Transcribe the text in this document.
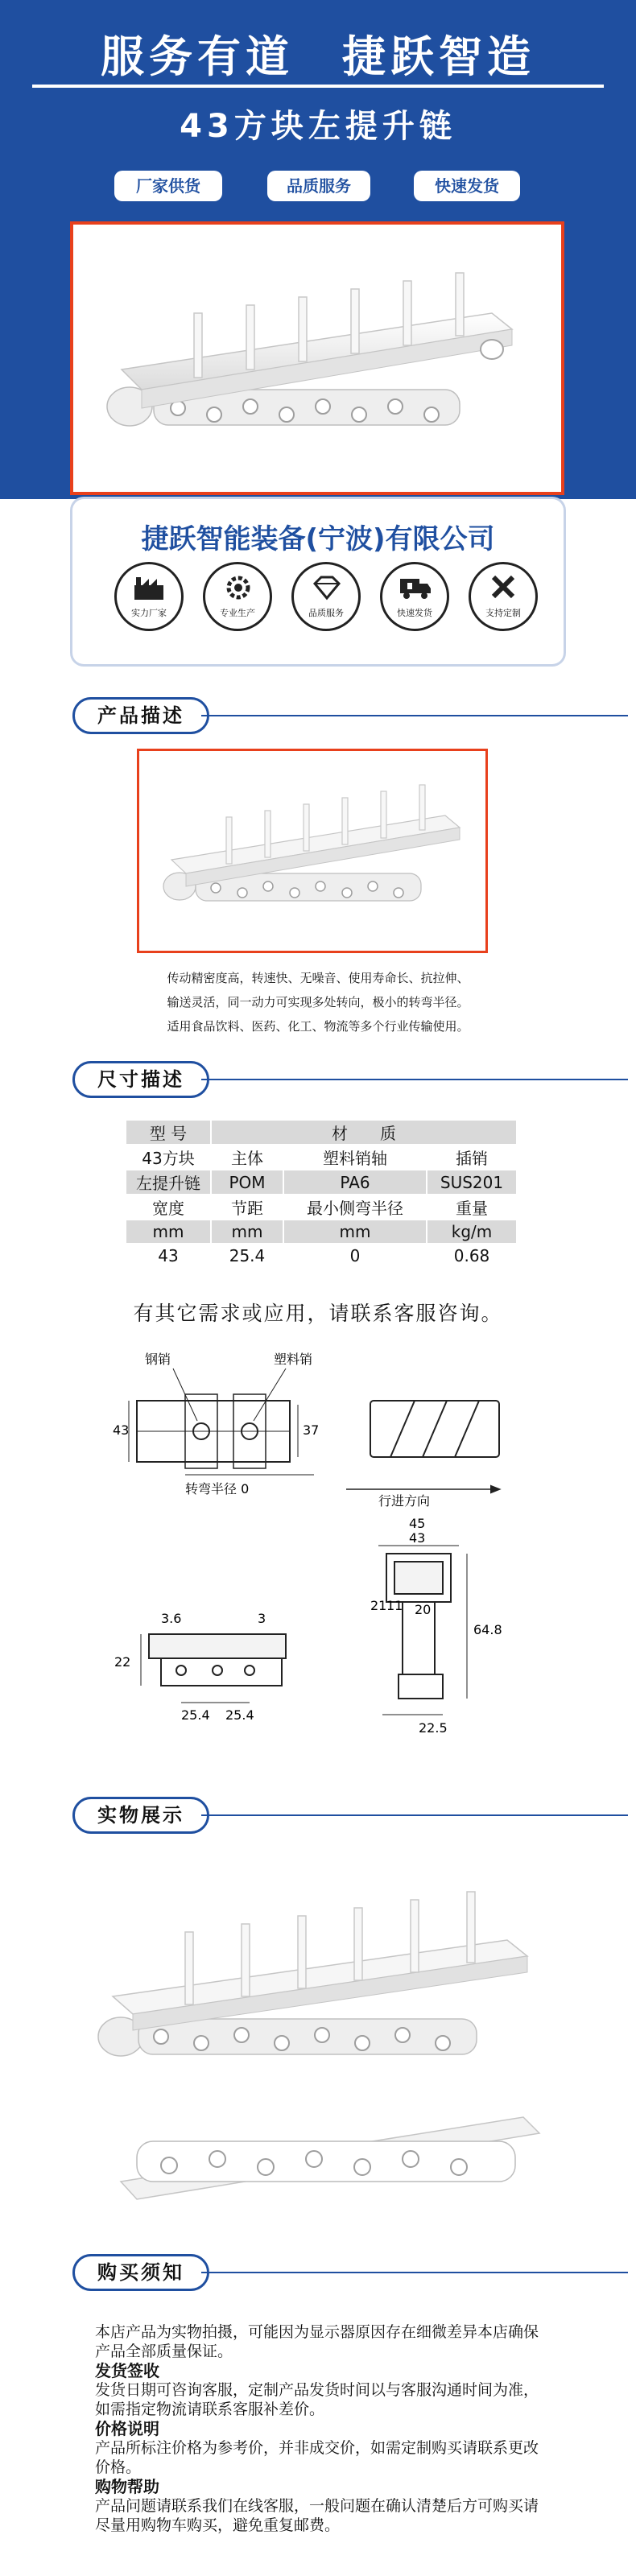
服务有道　捷跃智造
43方块左提升链
厂家供货	品质服务	快速发货
捷跃智能装备(宁波)有限公司
实力厂家	专业生产	品质服务	快速发货	支持定制
产品描述
传动精密度高，转速快、无噪音、使用寿命长、抗拉伸、
输送灵活，同一动力可实现多处转向，极小的转弯半径。
适用食品饮料、医药、化工、物流等多个行业传输使用。
尺寸描述
型 号	材　　质		
43方块	主体	塑料销轴	插销
左提升链	POM	PA6	SUS201
宽度	节距	最小侧弯半径	重量
mm	mm	mm	kg/m
43	25.4	0	0.68
有其它需求或应用，请联系客服咨询。
钢销	塑料销
43	37
转弯半径 0
行进方向
3.6	3
22
25.4 25.4
45
43
21 11 20
64.8
22.5
实物展示
购买须知
本店产品为实物拍摄，可能因为显示器原因存在细微差异本店确保产品全部质量保证。
发货签收
发货日期可咨询客服，定制产品发货时间以与客服沟通时间为准，如需指定物流请联系客服补差价。
价格说明
产品所标注价格为参考价，并非成交价，如需定制购买请联系更改价格。
购物帮助
产品问题请联系我们在线客服，一般问题在确认清楚后方可购买请尽量用购物车购买，避免重复邮费。
